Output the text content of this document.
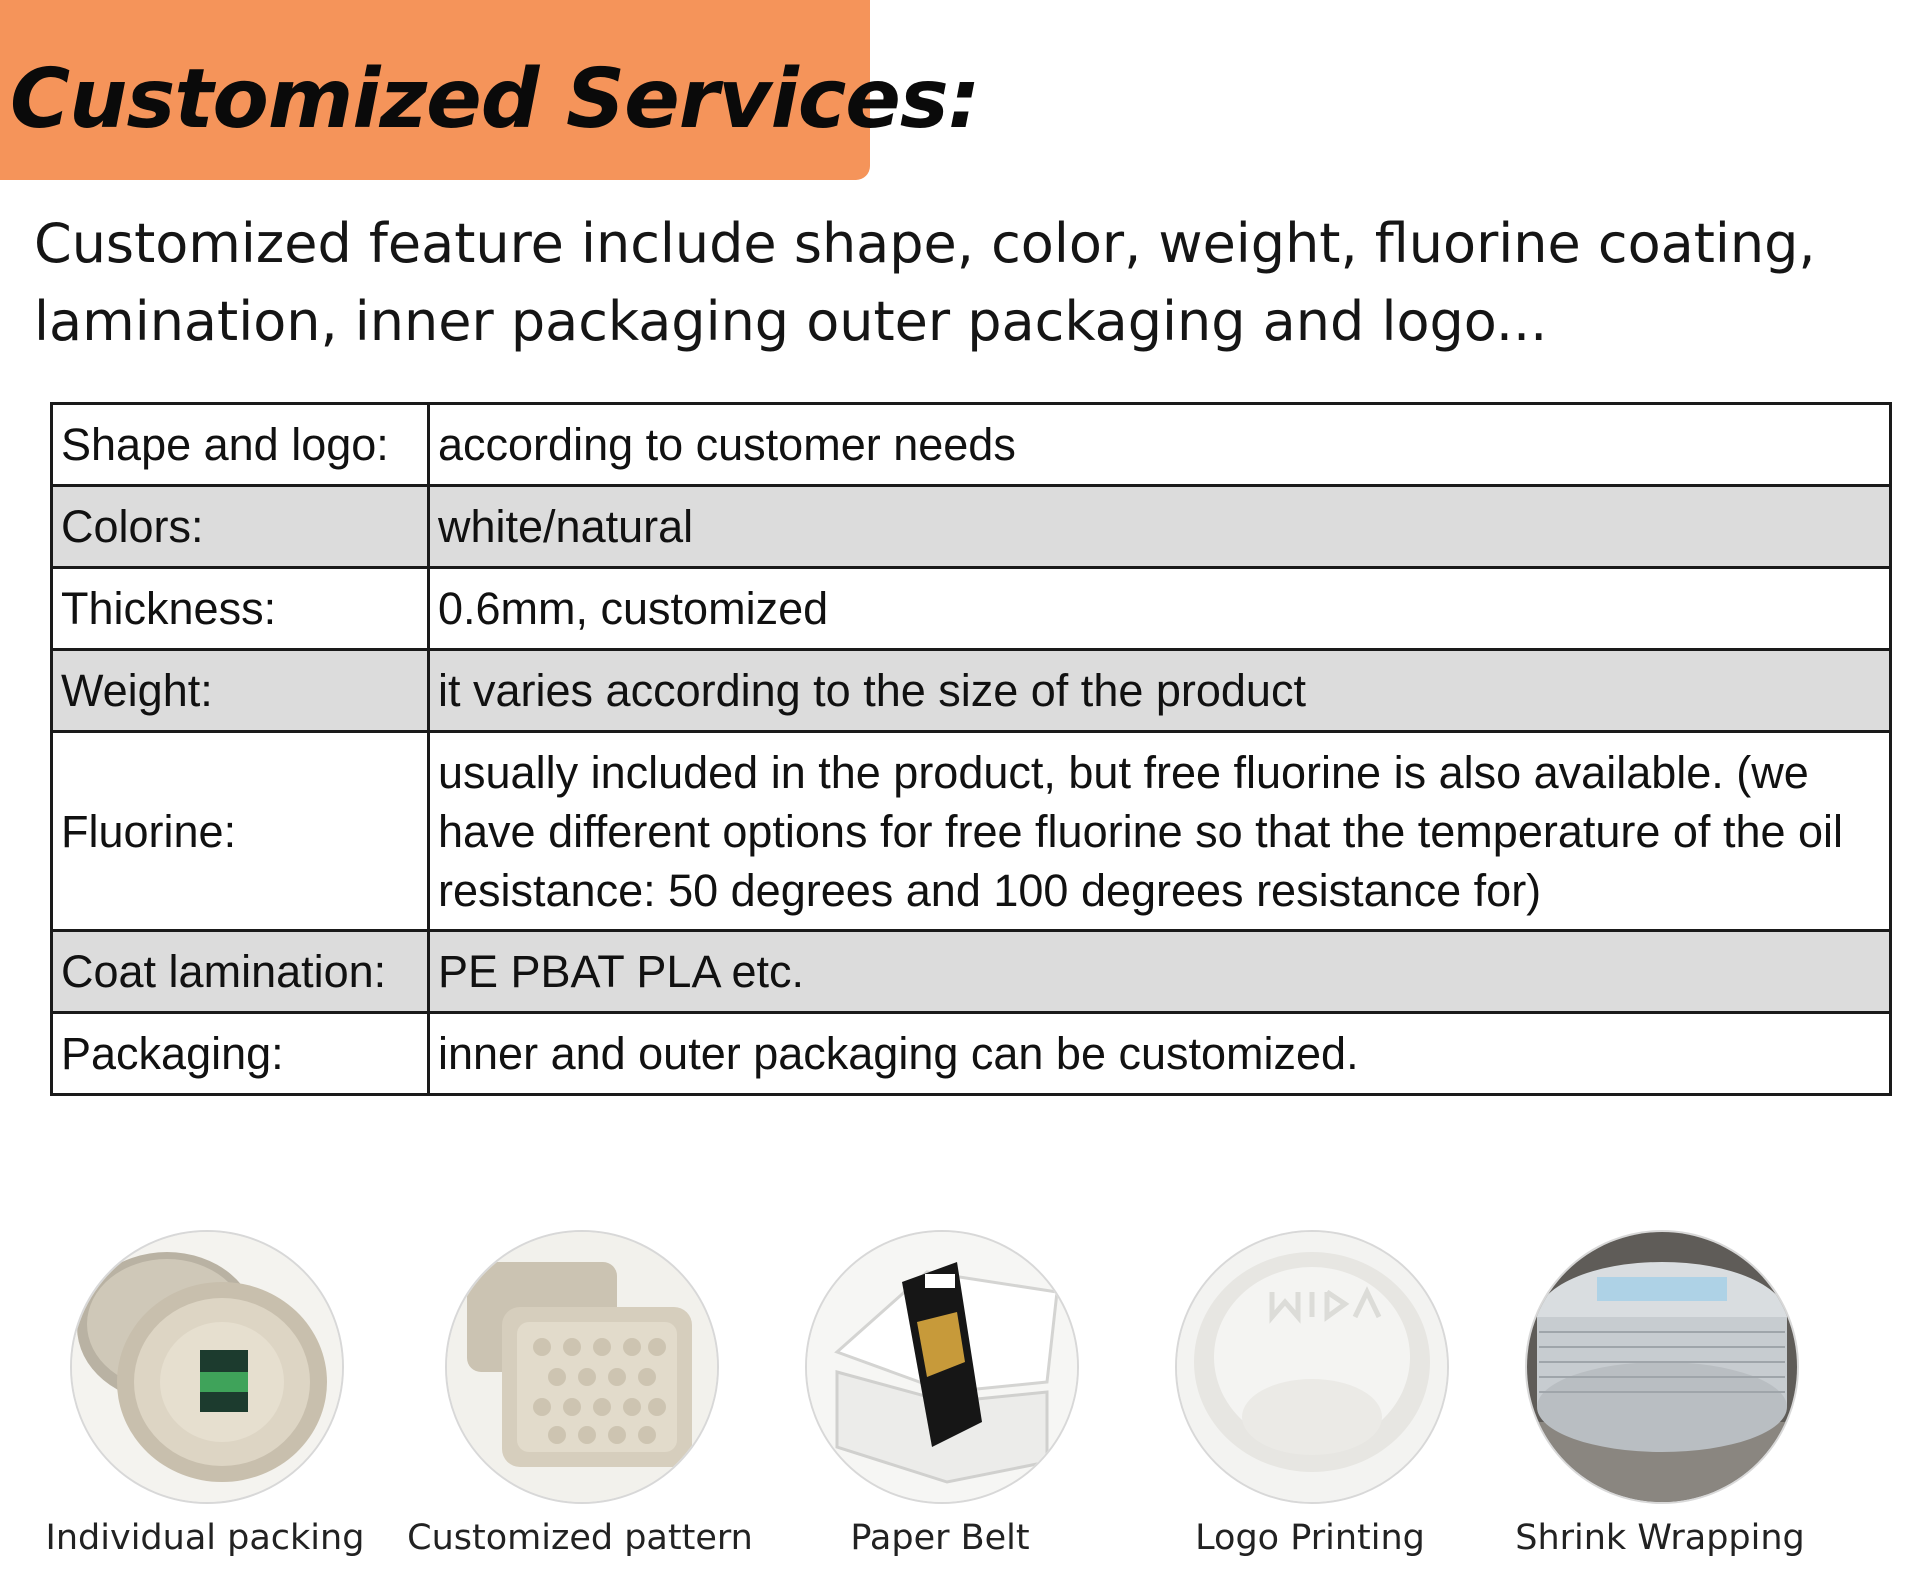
Customized Services:
Customized feature include shape, color, weight, fluorine coating, lamination, inner packaging outer packaging and logo...
Shape and logo:	according to customer needs
Colors:	white/natural
Thickness:	0.6mm, customized
Weight:	it varies according to the size of the product
Fluorine:	usually included in the product, but free fluorine is also available. (we have different options for free fluorine so that the temperature of the oil resistance: 50 degrees and 100 degrees resistance for)
Coat lamination:	PE PBAT PLA etc.
Packaging:	inner and outer packaging can be customized.
Individual packing	Customized pattern	Paper Belt	Logo Printing	Shrink Wrapping
